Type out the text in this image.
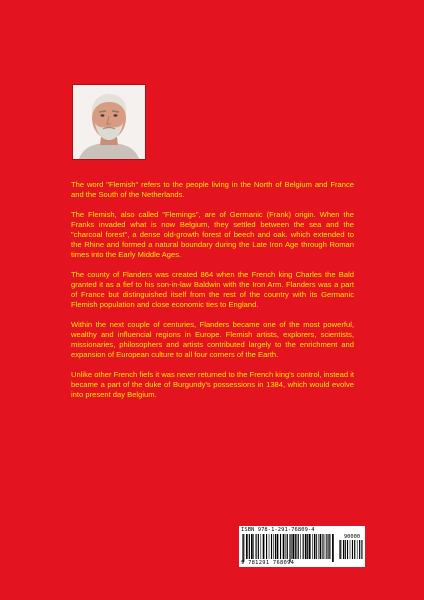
The word "Flemish" refers to the people living in the North of Belgium and France and the South of the Netherlands.

The Flemish, also called "Flemings", are of Germanic (Frank) origin. When the Franks invaded what is now Belgium, they settled between the sea and the "charcoal forest", a dense old-growth forest of beech and oak. which extended to the Rhine and formed a natural boundary during the Late Iron Age through Roman times into the Early Middle Ages.

The county of Flanders was created 864 when the French king Charles the Bald granted it as a fief to his son-in-law Baldwin with the Iron Arm. Flanders was a part of France but distinguished itself from the rest of the country with its Germanic Flemish population and close economic ties to England.

Within the next couple of centuries, Flanders became one of the most powerful, wealthy and influencial regions in Europe. Flemish artists, explorers, scientists, missionaries, philosophers and artists contributed largely to the enrichment and expansion of European culture to all four corners of the Earth.

Unlike other French fiefs it was never returned to the French king's control, instead it became a part of the duke of Burgundy's possessions in 1384, which would evolve into present day Belgium.

ISBN 978-1-291-76809-4
90000
9 781291 768094
